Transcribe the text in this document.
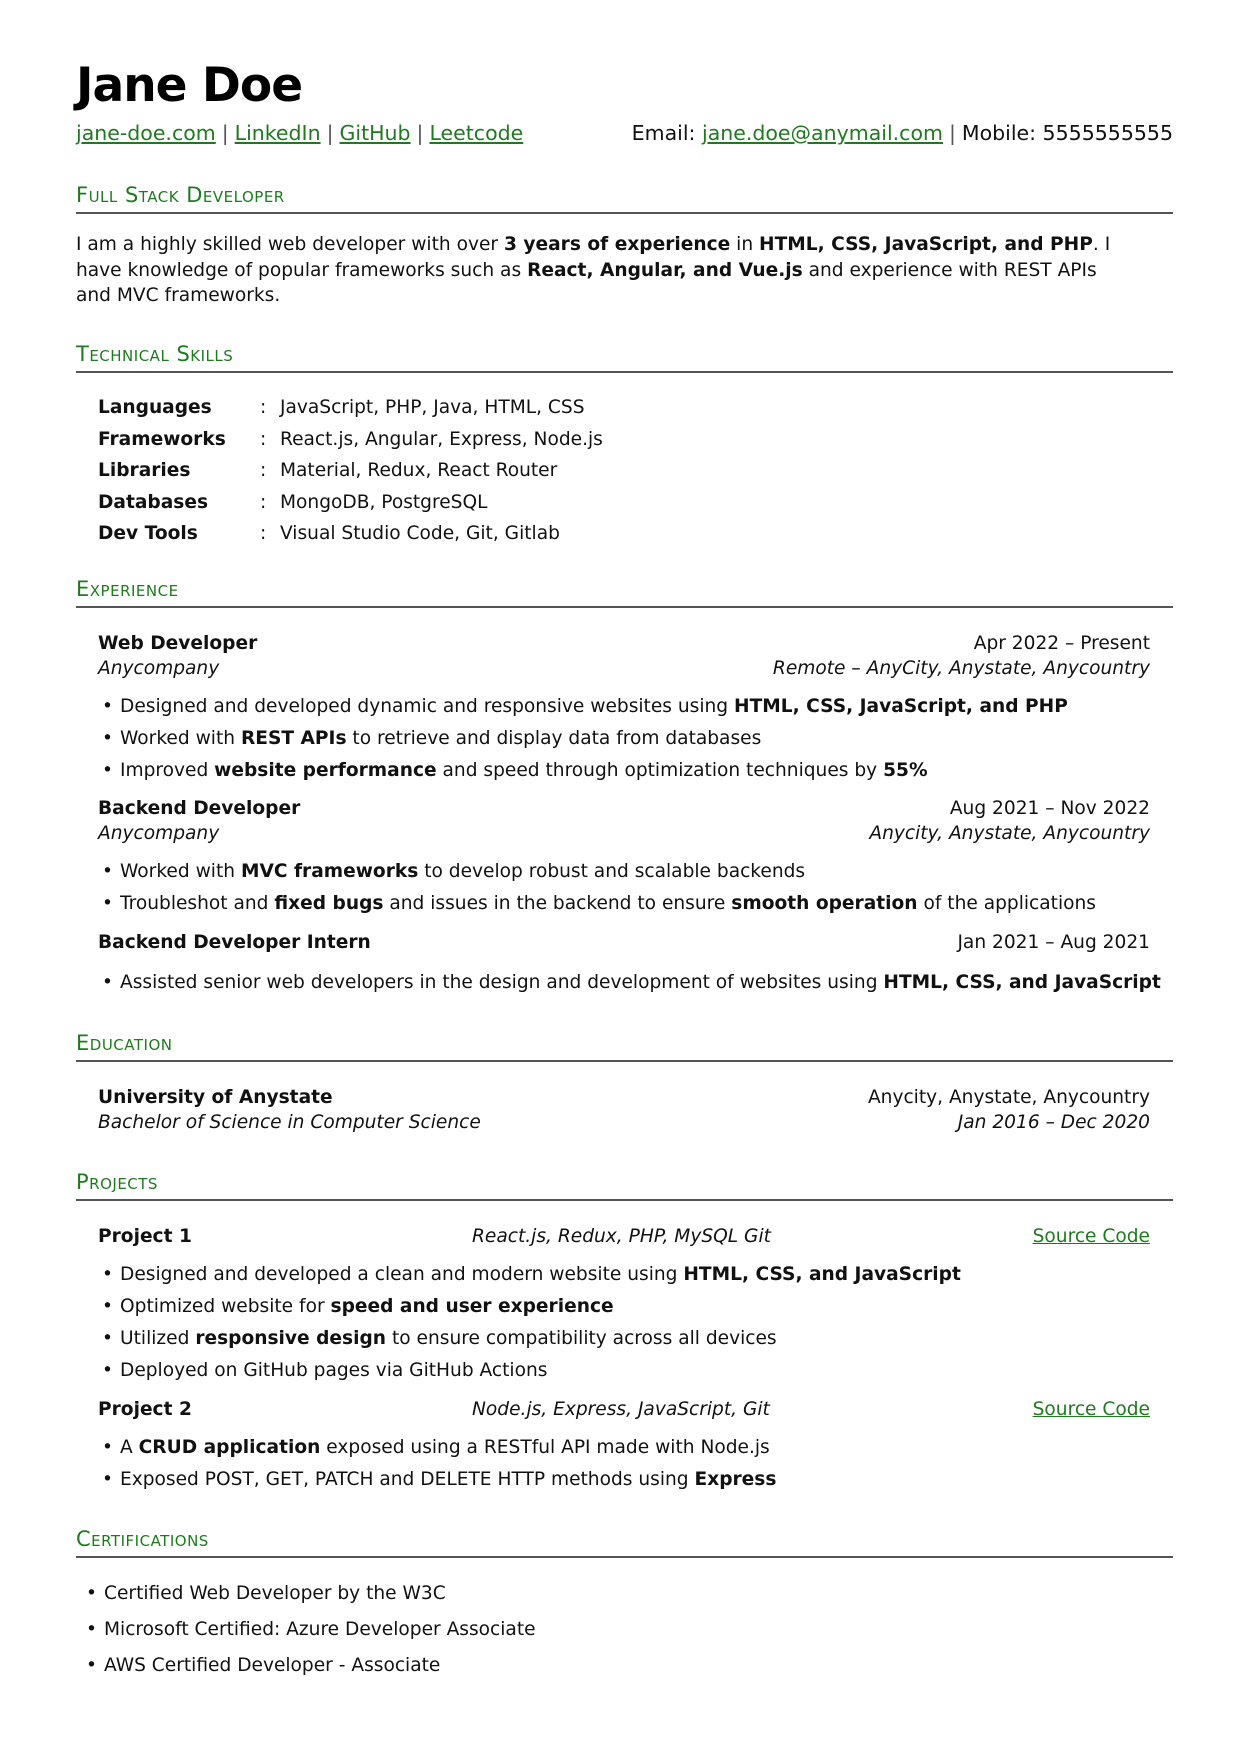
Jane Doe
jane-doe.com | LinkedIn | GitHub | Leetcode	Email: jane.doe@anymail.com | Mobile: 5555555555
Full Stack Developer
I am a highly skilled web developer with over 3 years of experience in HTML, CSS, JavaScript, and PHP. I have knowledge of popular frameworks such as React, Angular, and Vue.js and experience with REST APIs and MVC frameworks.
Technical Skills
Languages	: JavaScript, PHP, Java, HTML, CSS
Frameworks : React.js, Angular, Express, Node.js
Libraries	: Material, Redux, React Router
Databases	: MongoDB, PostgreSQL
Dev Tools	: Visual Studio Code, Git, Gitlab
Experience
Web Developer	Apr 2022 – Present
Anycompany	Remote – AnyCity, Anystate, Anycountry
• Designed and developed dynamic and responsive websites using HTML, CSS, JavaScript, and PHP
• Worked with REST APIs to retrieve and display data from databases
• Improved website performance and speed through optimization techniques by 55%
Backend Developer	Aug 2021 – Nov 2022
Anycompany	Anycity, Anystate, Anycountry
• Worked with MVC frameworks to develop robust and scalable backends
• Troubleshot and fixed bugs and issues in the backend to ensure smooth operation of the applications
Backend Developer Intern	Jan 2021 – Aug 2021
• Assisted senior web developers in the design and development of websites using HTML, CSS, and JavaScript
Education
University of Anystate	Anycity, Anystate, Anycountry
Bachelor of Science in Computer Science	Jan 2016 – Dec 2020
Projects
Project 1	React.js, Redux, PHP, MySQL Git	Source Code
• Designed and developed a clean and modern website using HTML, CSS, and JavaScript
• Optimized website for speed and user experience
• Utilized responsive design to ensure compatibility across all devices
• Deployed on GitHub pages via GitHub Actions
Project 2	Node.js, Express, JavaScript, Git	Source Code
• A CRUD application exposed using a RESTful API made with Node.js
• Exposed POST, GET, PATCH and DELETE HTTP methods using Express
Certifications
• Certified Web Developer by the W3C
• Microsoft Certified: Azure Developer Associate
• AWS Certified Developer - Associate
